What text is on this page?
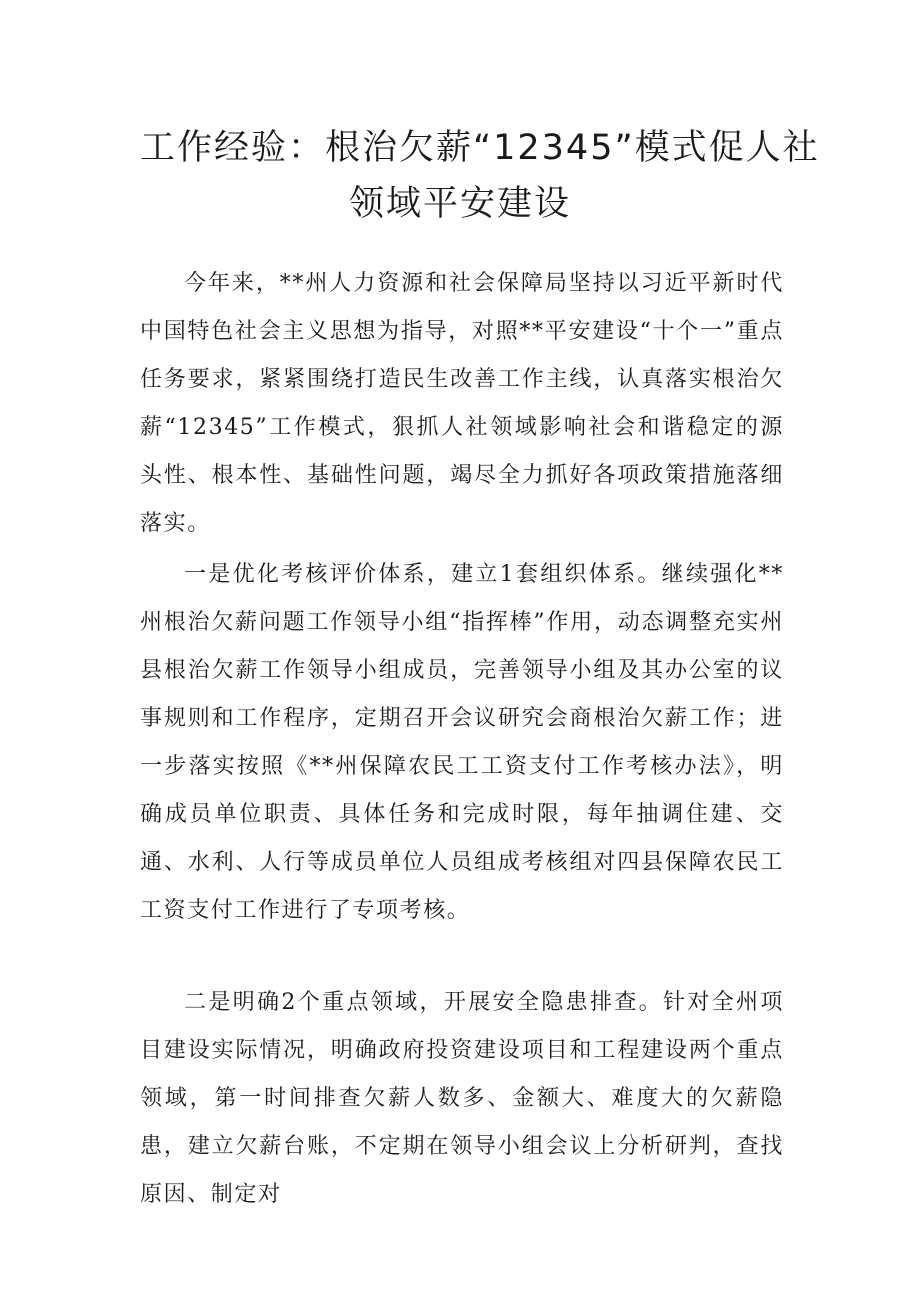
工作经验：根治欠薪“12345”模式促人社
领域平安建设

今年来，**州人力资源和社会保障局坚持以习近平新时代中国特色社会主义思想为指导，对照**平安建设“十个一”重点任务要求，紧紧围绕打造民生改善工作主线，认真落实根治欠薪“12345”工作模式，狠抓人社领域影响社会和谐稳定的源头性、根本性、基础性问题，竭尽全力抓好各项政策措施落细落实。

一是优化考核评价体系，建立1套组织体系。继续强化**州根治欠薪问题工作领导小组“指挥棒”作用，动态调整充实州县根治欠薪工作领导小组成员，完善领导小组及其办公室的议事规则和工作程序，定期召开会议研究会商根治欠薪工作；进一步落实按照《**州保障农民工工资支付工作考核办法》，明确成员单位职责、具体任务和完成时限，每年抽调住建、交通、水利、人行等成员单位人员组成考核组对四县保障农民工工资支付工作进行了专项考核。

二是明确2个重点领域，开展安全隐患排查。针对全州项目建设实际情况，明确政府投资建设项目和工程建设两个重点领域，第一时间排查欠薪人数多、金额大、难度大的欠薪隐患，建立欠薪台账，不定期在领导小组会议上分析研判，查找原因、制定对
